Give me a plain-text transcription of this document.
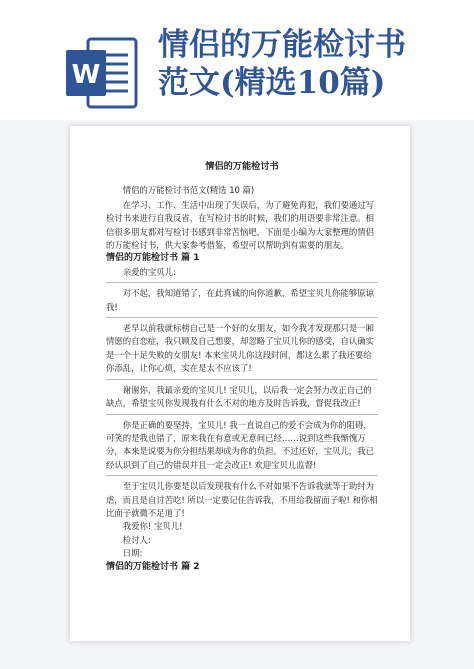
W
情侣的万能检讨书
范文(精选10篇)
情侣的万能检讨书

情侣的万能检讨书范文(精选 10 篇)

在学习、工作、生活中出现了失误后，为了避免再犯，我们要通过写检讨书来进行自我反省，在写检讨书的时候，我们的用语要非常注意。相信很多朋友都对写检讨书感到非常苦恼吧，下面是小编为大家整理的情侣的万能检讨书，供大家参考借鉴，希望可以帮助到有需要的朋友。

情侣的万能检讨书 篇 1

亲爱的宝贝儿:

对不起，我知道错了，在此真诚的向你道歉，希望宝贝儿你能够原谅我!

老早以前我就标榜自己是一个好的女朋友，如今我才发现那只是一厢情愿的自恋症，我只顾及自己想要，却忽略了宝贝儿你的感受，自认确实是一个十足失败的女朋友! 本来宝贝儿你这段时间，都这么累了我还要给你添乱，让你心烦，实在是太不应该了!

谢谢你，我最亲爱的宝贝儿! 宝贝儿，以后我一定会努力改正自己的缺点，希望宝贝你发现我有什么不对的地方及时告诉我，督促我改正!

你是正确的要坚持，宝贝儿! 我一直说自己的爱不会成为你的阻碍，可笑的是我也错了，原来我在有意或无意间已经……说到这些我惭愧万分，本来是说要为你分担结果却成为你的负担。不过还好，宝贝儿，我已经认识到了自己的错误并且一定会改正! 欢迎宝贝儿监督!

至于宝贝儿你要是以后发现我有什么不对如果不告诉我就等于助纣为虐，而且是自讨苦吃! 所以一定要记住告诉我，不用给我留面子啦! 和你相比面子就微不足道了!

我爱你! 宝贝儿!

检讨人:

日期:

情侣的万能检讨书 篇 2
